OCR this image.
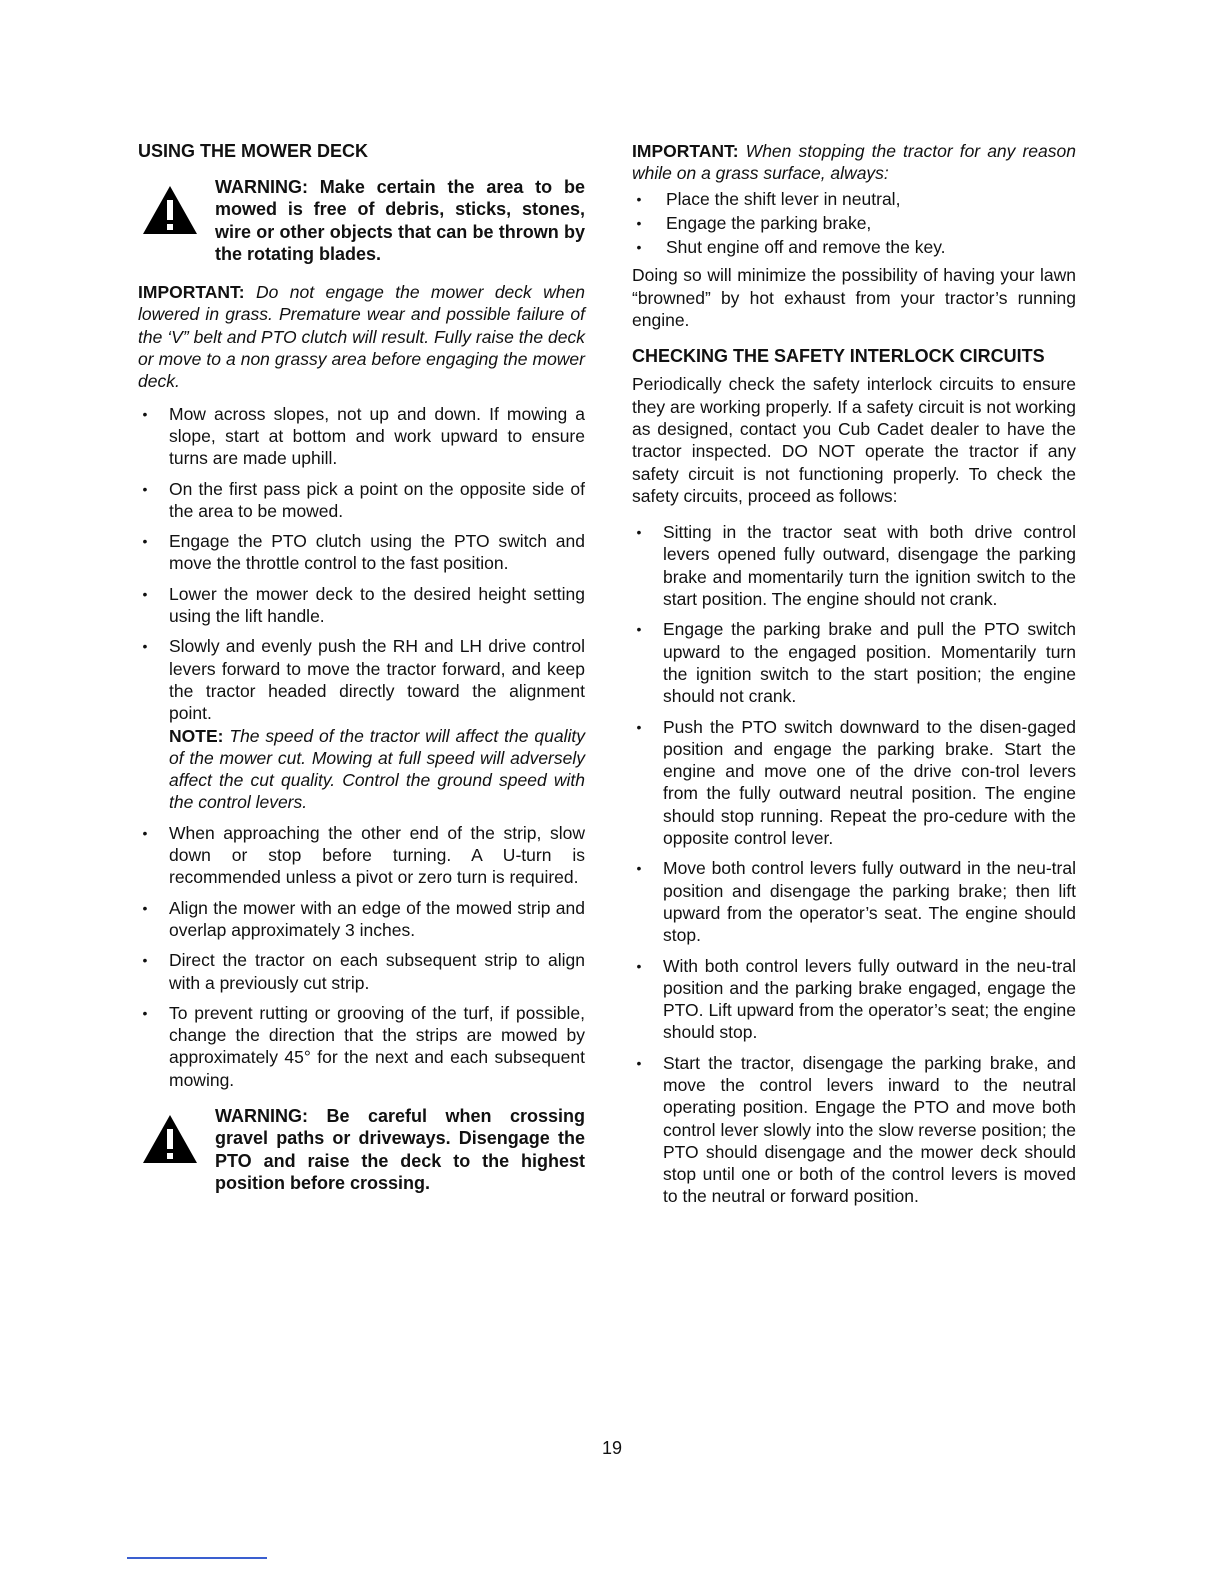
USING THE MOWER DECK
WARNING: Make certain the area to be mowed is free of debris, sticks, stones, wire or other objects that can be thrown by the rotating blades.

IMPORTANT: Do not engage the mower deck when lowered in grass. Premature wear and possible failure of the ‘V” belt and PTO clutch will result. Fully raise the deck or move to a non grassy area before engaging the mower deck.

• Mow across slopes, not up and down. If mowing a slope, start at bottom and work upward to ensure turns are made uphill.
• On the first pass pick a point on the opposite side of the area to be mowed.
• Engage the PTO clutch using the PTO switch and move the throttle control to the fast position.
• Lower the mower deck to the desired height setting using the lift handle.
• Slowly and evenly push the RH and LH drive control levers forward to move the tractor forward, and keep the tractor headed directly toward the alignment point.
NOTE: The speed of the tractor will affect the quality of the mower cut. Mowing at full speed will adversely affect the cut quality. Control the ground speed with the control levers.
• When approaching the other end of the strip, slow down or stop before turning. A U-turn is recommended unless a pivot or zero turn is required.
• Align the mower with an edge of the mowed strip and overlap approximately 3 inches.
• Direct the tractor on each subsequent strip to align with a previously cut strip.
• To prevent rutting or grooving of the turf, if possible, change the direction that the strips are mowed by approximately 45° for the next and each subsequent mowing.
WARNING: Be careful when crossing gravel paths or driveways. Disengage the PTO and raise the deck to the highest position before crossing.

IMPORTANT: When stopping the tractor for any reason while on a grass surface, always:

• Place the shift lever in neutral,
• Engage the parking brake,
• Shut engine off and remove the key.

Doing so will minimize the possibility of having your lawn “browned” by hot exhaust from your tractor’s running engine.

CHECKING THE SAFETY INTERLOCK CIRCUITS

Periodically check the safety interlock circuits to ensure they are working properly. If a safety circuit is not working as designed, contact you Cub Cadet dealer to have the tractor inspected. DO NOT operate the tractor if any safety circuit is not functioning properly. To check the safety circuits, proceed as follows:

• Sitting in the tractor seat with both drive control levers opened fully outward, disengage the parking brake and momentarily turn the ignition switch to the start position. The engine should not crank.
• Engage the parking brake and pull the PTO switch upward to the engaged position. Momentarily turn the ignition switch to the start position; the engine should not crank.
• Push the PTO switch downward to the disen-gaged position and engage the parking brake. Start the engine and move one of the drive con-trol levers from the fully outward neutral position. The engine should stop running. Repeat the pro-cedure with the opposite control lever.
• Move both control levers fully outward in the neu-tral position and disengage the parking brake; then lift upward from the operator’s seat. The engine should stop.
• With both control levers fully outward in the neu-tral position and the parking brake engaged, engage the PTO. Lift upward from the operator’s seat; the engine should stop.
• Start the tractor, disengage the parking brake, and move the control levers inward to the neutral operating position. Engage the PTO and move both control lever slowly into the slow reverse position; the PTO should disengage and the mower deck should stop until one or both of the control levers is moved to the neutral or forward position.
19
